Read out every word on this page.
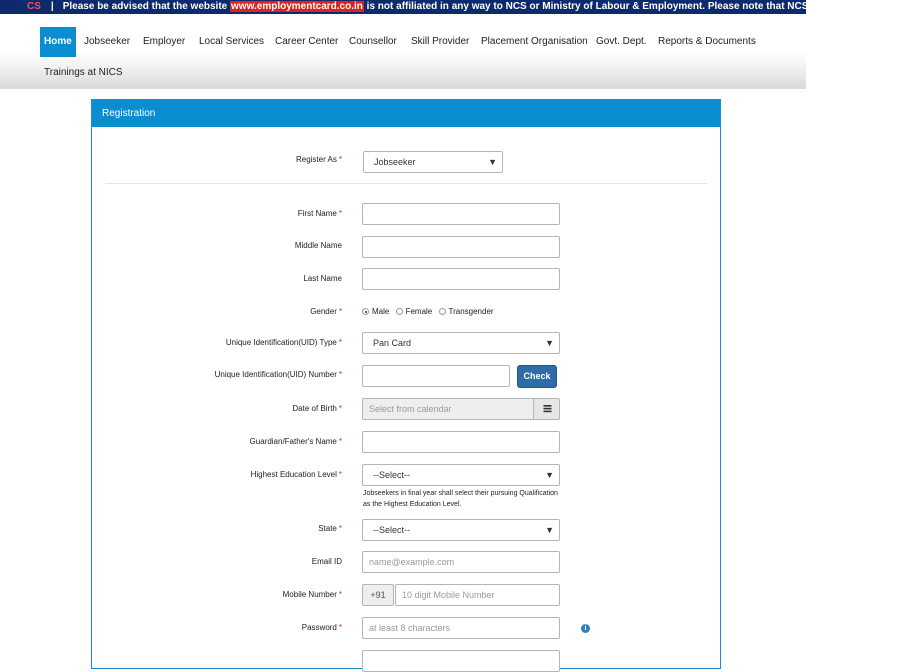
CS | Please be advised that the website www.employmentcard.co.in is not affiliated in any way to NCS or Ministry of Labour & Employment. Please note that NCS does not charge ar
Home	Jobseeker Employer Local Services Career Center Counsellor Skill Provider Placement Organisation Govt. Dept. Reports & Documents
Trainings at NICS
Registration
Register As *	Jobseeker	▼
First Name *
Middle Name
Last Name
Gender *	Male Female Transgender
Unique Identification(UID) Type *	Pan Card	▼
Unique Identification(UID) Number *	Check
Date of Birth *	Select from calendar
Guardian/Father's Name *
Highest Education Level *	--Select--	▼
Jobseekers in final year shall select their pursuing Qualification as the Highest Education Level.
State *	--Select--	▼
Email ID	name@example.com
Mobile Number *	+91	10 digit Mobile Number
Password *	at least 8 characters	i
